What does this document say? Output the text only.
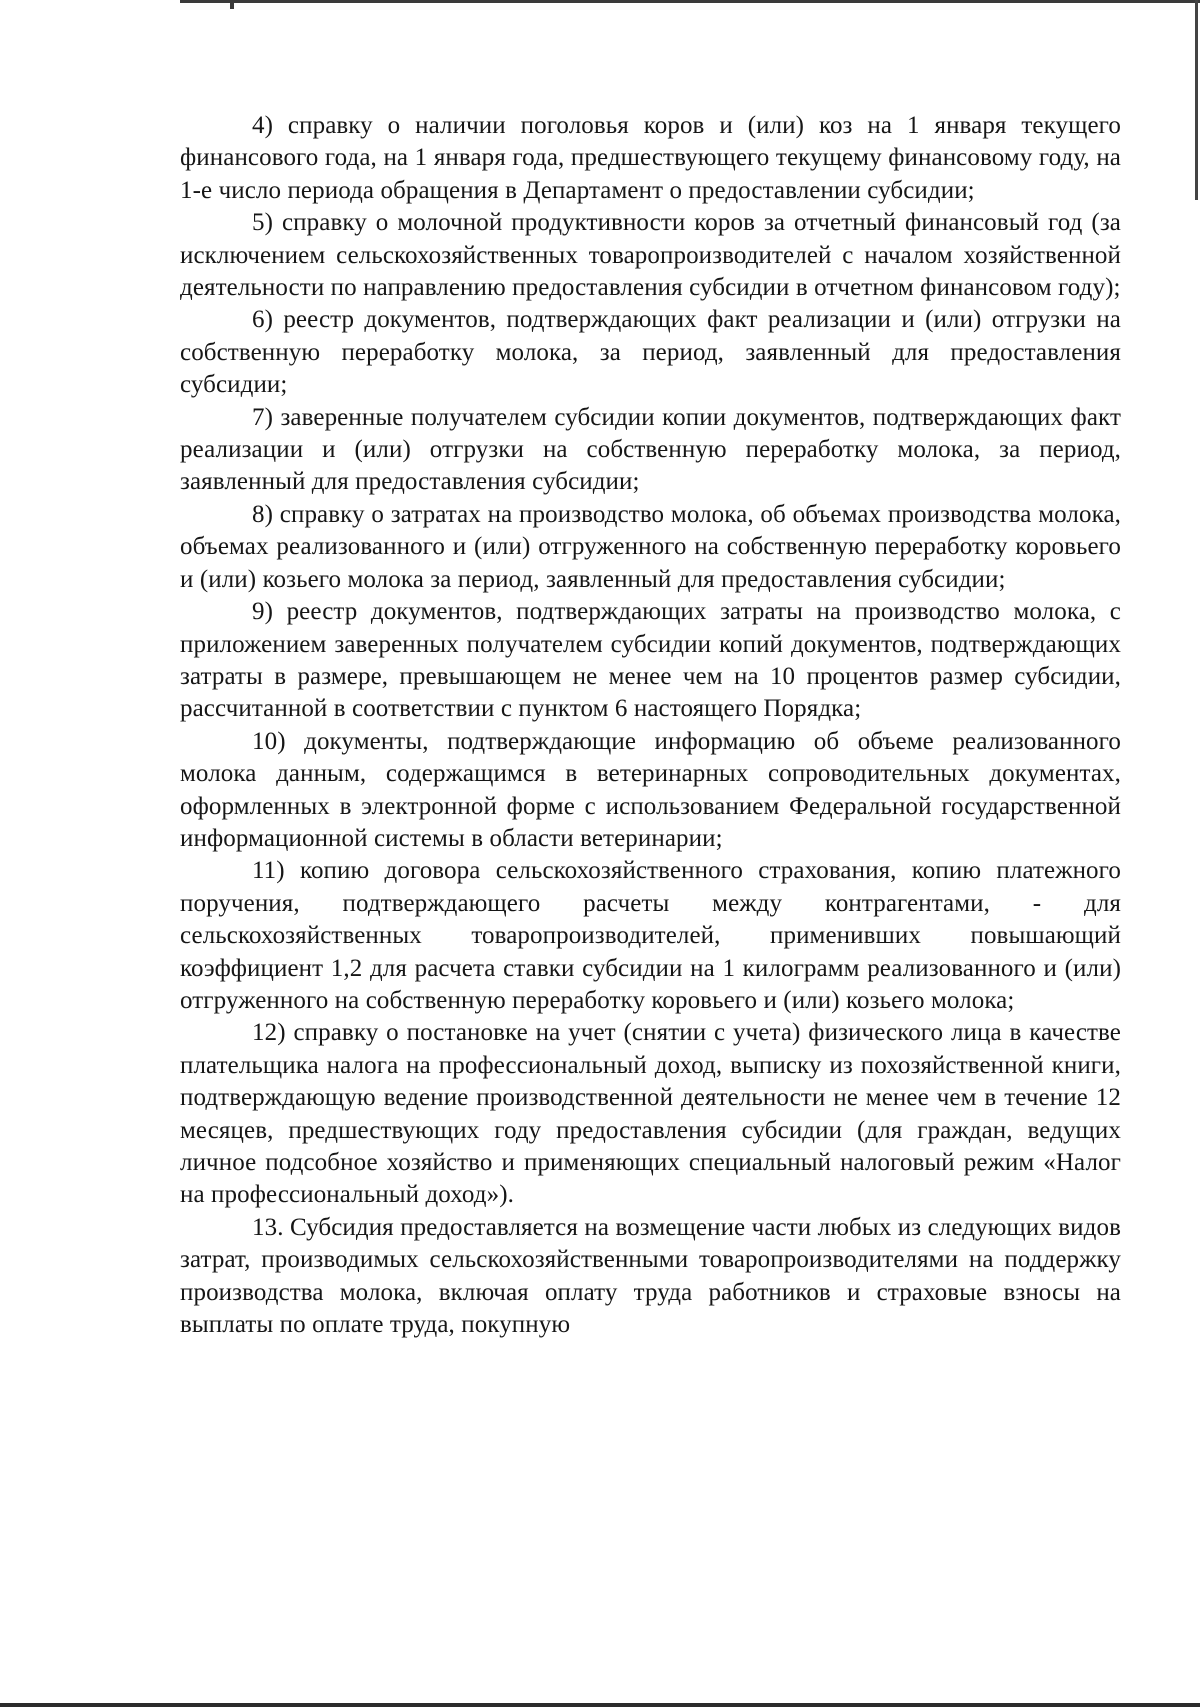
4) справку о наличии поголовья коров и (или) коз на 1 января текущего финансового года, на 1 января года, предшествующего текущему финансовому году, на 1-е число периода обращения в Департамент о предоставлении субсидии;

5) справку о молочной продуктивности коров за отчетный финансовый год (за исключением сельскохозяйственных товаропроизводителей с началом хозяйственной деятельности по направлению предоставления субсидии в отчетном финансовом году);

6) реестр документов, подтверждающих факт реализации и (или) отгрузки на собственную переработку молока, за период, заявленный для предоставления субсидии;

7) заверенные получателем субсидии копии документов, подтверждающих факт реализации и (или) отгрузки на собственную переработку молока, за период, заявленный для предоставления субсидии;

8) справку о затратах на производство молока, об объемах производства молока, объемах реализованного и (или) отгруженного на собственную переработку коровьего и (или) козьего молока за период, заявленный для предоставления субсидии;

9) реестр документов, подтверждающих затраты на производство молока, с приложением заверенных получателем субсидии копий документов, подтверждающих затраты в размере, превышающем не менее чем на 10 процентов размер субсидии, рассчитанной в соответствии с пунктом 6 настоящего Порядка;

10) документы, подтверждающие информацию об объеме реализованного молока данным, содержащимся в ветеринарных сопроводительных документах, оформленных в электронной форме с использованием Федеральной государственной информационной системы в области ветеринарии;

11) копию договора сельскохозяйственного страхования, копию платежного поручения, подтверждающего расчеты между контрагентами, - для сельскохозяйственных товаропроизводителей, применивших повышающий коэффициент 1,2 для расчета ставки субсидии на 1 килограмм реализованного и (или) отгруженного на собственную переработку коровьего и (или) козьего молока;

12) справку о постановке на учет (снятии с учета) физического лица в качестве плательщика налога на профессиональный доход, выписку из похозяйственной книги, подтверждающую ведение производственной деятельности не менее чем в течение 12 месяцев, предшествующих году предоставления субсидии (для граждан, ведущих личное подсобное хозяйство и применяющих специальный налоговый режим «Налог на профессиональный доход»).

13. Субсидия предоставляется на возмещение части любых из следующих видов затрат, производимых сельскохозяйственными товаропроизводителями на поддержку производства молока, включая оплату труда работников и страховые взносы на выплаты по оплате труда, покупную
